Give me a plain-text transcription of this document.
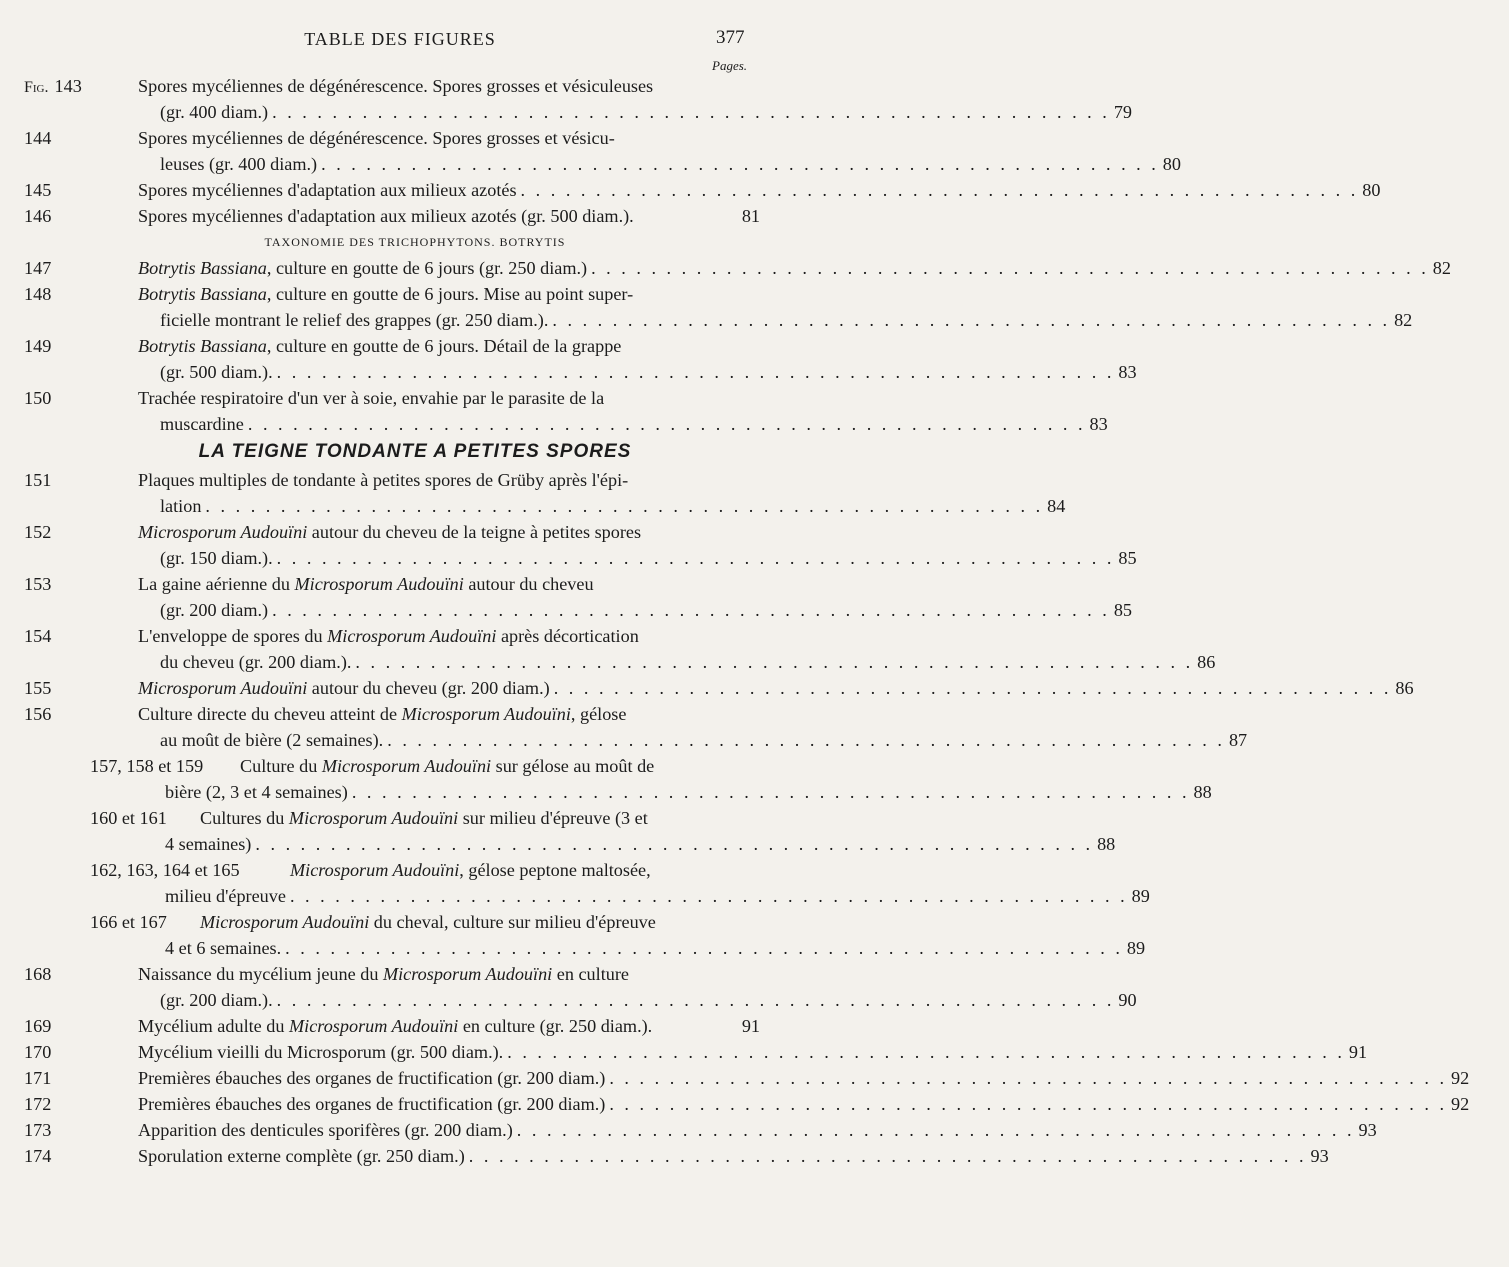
TABLE DES FIGURES	377
Pages.
Fig. 143	Spores mycéliennes de dégénérescence. Spores grosses et vésiculeuses
(gr. 400 diam.) . . . . . . . . . . . . . . . . . . . . . . . . . . . . . . . . . . . . . . . . . . . . . . . . . . . . . . . . 79
144	Spores mycéliennes de dégénérescence. Spores grosses et vésicu-
leuses (gr. 400 diam.) . . . . . . . . . . . . . . . . . . . . . . . . . . . . . . . . . . . . . . . . . . . . . . . . . . . . . . . . 80
145	Spores mycéliennes d'adaptation aux milieux azotés . . . . . . . . . . . . . . . . . . . . . . . . . . . . . . . . . . . . . . . . . . . . . . . . . . . . . . . . 80
146	Spores mycéliennes d'adaptation aux milieux azotés (gr. 500 diam.).	81
TAXONOMIE DES TRICHOPHYTONS. BOTRYTIS
147	Botrytis Bassiana, culture en goutte de 6 jours (gr. 250 diam.) . . . . . . . . . . . . . . . . . . . . . . . . . . . . . . . . . . . . . . . . . . . . . . . . . . . . . . . . 82
148	Botrytis Bassiana, culture en goutte de 6 jours. Mise au point super-
ficielle montrant le relief des grappes (gr. 250 diam.). . . . . . . . . . . . . . . . . . . . . . . . . . . . . . . . . . . . . . . . . . . . . . . . . . . . . . . . . 82
149	Botrytis Bassiana, culture en goutte de 6 jours. Détail de la grappe
(gr. 500 diam.). . . . . . . . . . . . . . . . . . . . . . . . . . . . . . . . . . . . . . . . . . . . . . . . . . . . . . . . . 83
150	Trachée respiratoire d'un ver à soie, envahie par le parasite de la
muscardine . . . . . . . . . . . . . . . . . . . . . . . . . . . . . . . . . . . . . . . . . . . . . . . . . . . . . . . . 83
LA TEIGNE TONDANTE A PETITES SPORES
151	Plaques multiples de tondante à petites spores de Grüby après l'épi-
lation . . . . . . . . . . . . . . . . . . . . . . . . . . . . . . . . . . . . . . . . . . . . . . . . . . . . . . . . 84
152	Microsporum Audouïni autour du cheveu de la teigne à petites spores
(gr. 150 diam.). . . . . . . . . . . . . . . . . . . . . . . . . . . . . . . . . . . . . . . . . . . . . . . . . . . . . . . . . 85
153	La gaine aérienne du Microsporum Audouïni autour du cheveu
(gr. 200 diam.) . . . . . . . . . . . . . . . . . . . . . . . . . . . . . . . . . . . . . . . . . . . . . . . . . . . . . . . . 85
154	L'enveloppe de spores du Microsporum Audouïni après décortication
du cheveu (gr. 200 diam.). . . . . . . . . . . . . . . . . . . . . . . . . . . . . . . . . . . . . . . . . . . . . . . . . . . . . . . . . 86
155	Microsporum Audouïni autour du cheveu (gr. 200 diam.) . . . . . . . . . . . . . . . . . . . . . . . . . . . . . . . . . . . . . . . . . . . . . . . . . . . . . . . . 86
156	Culture directe du cheveu atteint de Microsporum Audouïni, gélose
au moût de bière (2 semaines). . . . . . . . . . . . . . . . . . . . . . . . . . . . . . . . . . . . . . . . . . . . . . . . . . . . . . . . . 87
157, 158 et 159 Culture du Microsporum Audouïni sur gélose au moût de
bière (2, 3 et 4 semaines) . . . . . . . . . . . . . . . . . . . . . . . . . . . . . . . . . . . . . . . . . . . . . . . . . . . . . . . . 88
160 et 161 Cultures du Microsporum Audouïni sur milieu d'épreuve (3 et
4 semaines) . . . . . . . . . . . . . . . . . . . . . . . . . . . . . . . . . . . . . . . . . . . . . . . . . . . . . . . . 88
162, 163, 164 et 165	Microsporum Audouïni, gélose peptone maltosée,
milieu d'épreuve . . . . . . . . . . . . . . . . . . . . . . . . . . . . . . . . . . . . . . . . . . . . . . . . . . . . . . . . 89
166 et 167 Microsporum Audouïni du cheval, culture sur milieu d'épreuve
4 et 6 semaines. . . . . . . . . . . . . . . . . . . . . . . . . . . . . . . . . . . . . . . . . . . . . . . . . . . . . . . . . 89
168	Naissance du mycélium jeune du Microsporum Audouïni en culture
(gr. 200 diam.). . . . . . . . . . . . . . . . . . . . . . . . . . . . . . . . . . . . . . . . . . . . . . . . . . . . . . . . . 90
169	Mycélium adulte du Microsporum Audouïni en culture (gr. 250 diam.).	91
170	Mycélium vieilli du Microsporum (gr. 500 diam.). . . . . . . . . . . . . . . . . . . . . . . . . . . . . . . . . . . . . . . . . . . . . . . . . . . . . . . . . 91
171	Premières ébauches des organes de fructification (gr. 200 diam.) . . . . . . . . . . . . . . . . . . . . . . . . . . . . . . . . . . . . . . . . . . . . . . . . . . . . . . . . 92
172	Premières ébauches des organes de fructification (gr. 200 diam.) . . . . . . . . . . . . . . . . . . . . . . . . . . . . . . . . . . . . . . . . . . . . . . . . . . . . . . . . 92
173	Apparition des denticules sporifères (gr. 200 diam.) . . . . . . . . . . . . . . . . . . . . . . . . . . . . . . . . . . . . . . . . . . . . . . . . . . . . . . . . 93
174	Sporulation externe complète (gr. 250 diam.) . . . . . . . . . . . . . . . . . . . . . . . . . . . . . . . . . . . . . . . . . . . . . . . . . . . . . . . . 93
